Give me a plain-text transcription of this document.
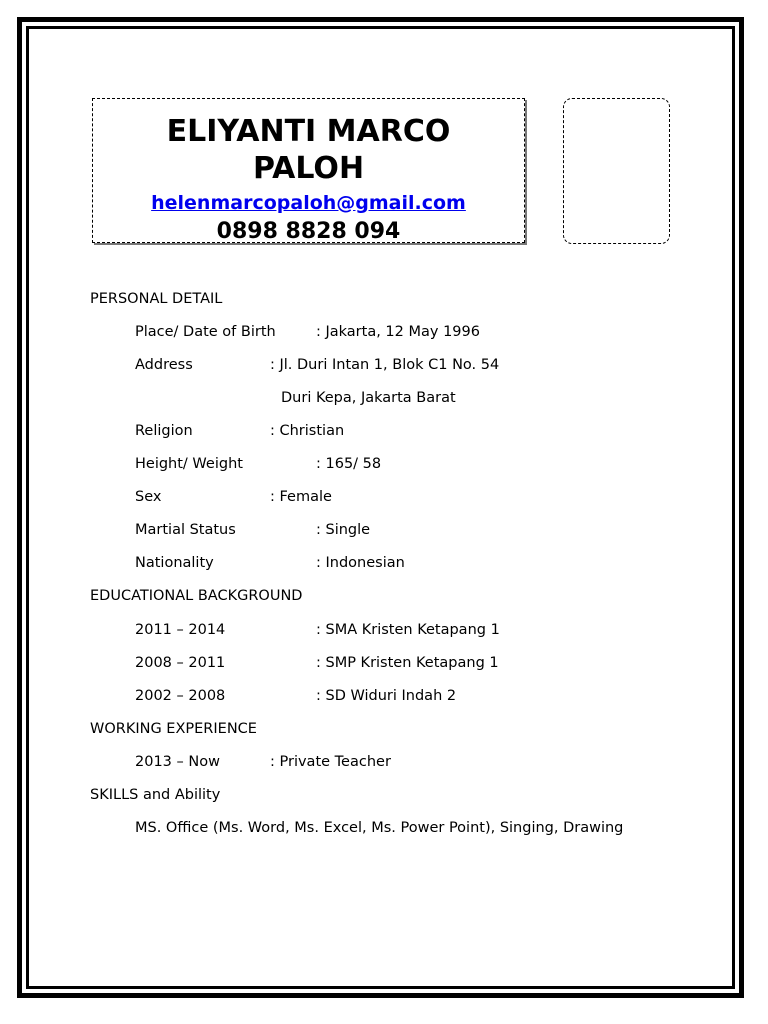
ELIYANTI MARCO PALOH
helenmarcopaloh@gmail.com
0898 8828 094
PERSONAL DETAIL
Place/ Date of Birth	: Jakarta, 12 May 1996
Address	: Jl. Duri Intan 1, Blok C1 No. 54
Duri Kepa, Jakarta Barat
Religion	: Christian
Height/ Weight	: 165/ 58
Sex	: Female
Martial Status	: Single
Nationality	: Indonesian
EDUCATIONAL BACKGROUND
2011 – 2014	: SMA Kristen Ketapang 1
2008 – 2011	: SMP Kristen Ketapang 1
2002 – 2008	: SD Widuri Indah 2
WORKING EXPERIENCE
2013 – Now	: Private Teacher
SKILLS and Ability
MS. Office (Ms. Word, Ms. Excel, Ms. Power Point), Singing, Drawing
